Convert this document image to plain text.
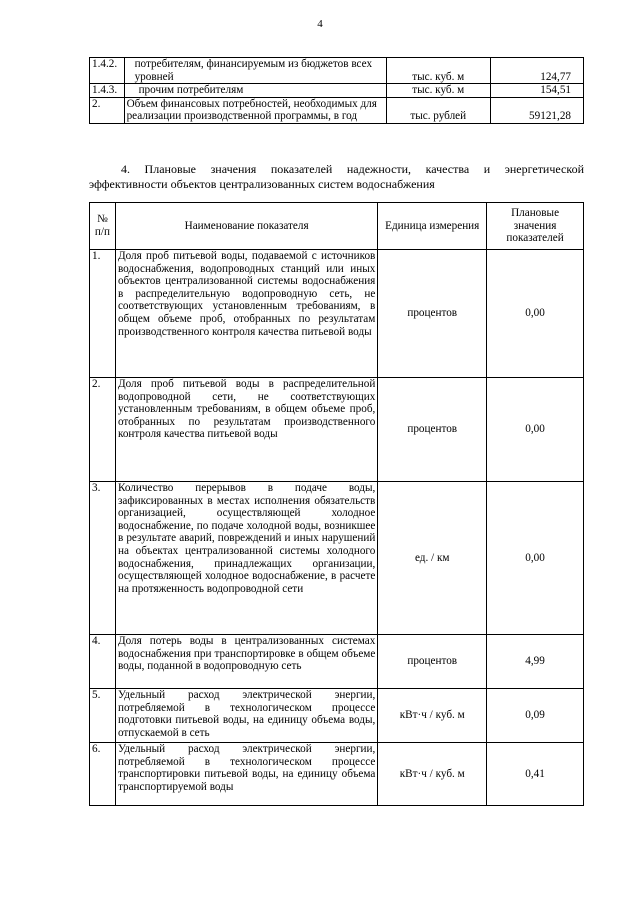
4
1.4.2.	потребителям, финансируемым из бюджетов всех уровней	тыс. куб. м	124,77
1.4.3.	прочим потребителям	тыс. куб. м	154,51
2.	Объем финансовых потребностей, необходимых для реализации производственной программы, в год	тыс. рублей	59121,28
4. Плановые значения показателей надежности, качества и энергетической эффективности объектов централизованных систем водоснабжения
№ п/п	Наименование показателя	Единица измерения	Плановые значения показателей
1.	Доля проб питьевой воды, подаваемой с источников водоснабжения, водопроводных станций или иных объектов централизованной системы водоснабжения в распределительную водопроводную сеть, не соответствующих установленным требованиям, в общем объеме проб, отобранных по результатам производственного контроля качества питьевой воды	процентов	0,00
2.	Доля проб питьевой воды в распределительной водопроводной сети, не соответствующих установленным требованиям, в общем объеме проб, отобранных по результатам производственного контроля качества питьевой воды	процентов	0,00
3.	Количество перерывов в подаче воды, зафиксированных в местах исполнения обязательств организацией, осуществляющей холодное водоснабжение, по подаче холодной воды, возникшее в результате аварий, повреждений и иных нарушений на объектах централизованной системы холодного водоснабжения, принадлежащих организации, осуществляющей холодное водоснабжение, в расчете на протяженность водопроводной сети	ед. / км	0,00
4.	Доля потерь воды в централизованных системах водоснабжения при транспортировке в общем объеме воды, поданной в водопроводную сеть	процентов	4,99
5.	Удельный расход электрической энергии, потребляемой в технологическом процессе подготовки питьевой воды, на единицу объема воды, отпускаемой в сеть	кВт·ч / куб. м	0,09
6.	Удельный расход электрической энергии, потребляемой в технологическом процессе транспортировки питьевой воды, на единицу объема транспортируемой воды	кВт·ч / куб. м	0,41
